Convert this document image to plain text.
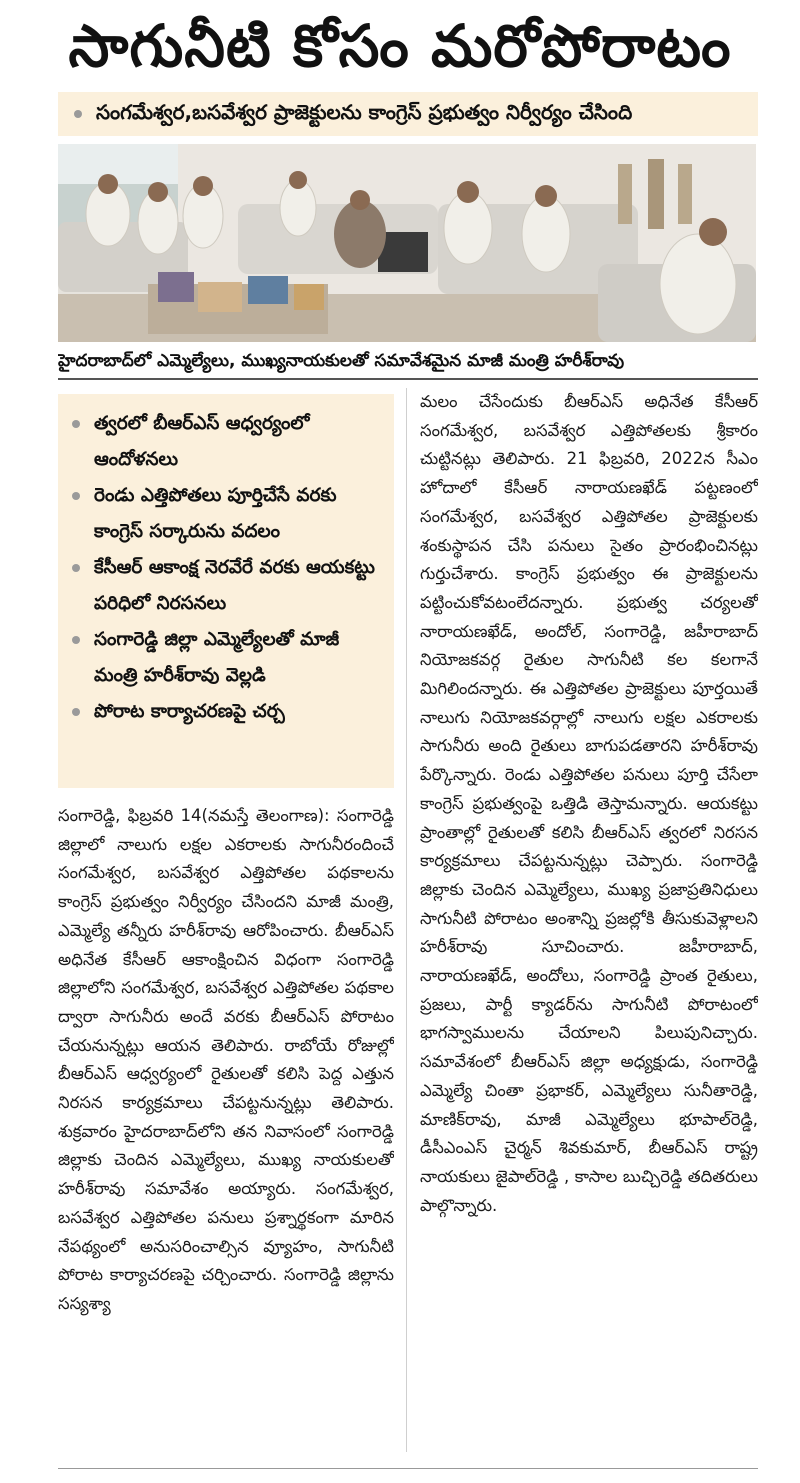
సాగునీటి కోసం మరోపోరాటం
సంగమేశ్వర,బసవేశ్వర ప్రాజెక్టులను కాంగ్రెస్ ప్రభుత్వం నిర్వీర్యం చేసింది
హైదరాబాద్‌లో ఎమ్మెల్యేలు, ముఖ్యనాయకులతో సమావేశమైన మాజీ మంత్రి హరీశ్‌రావు
త్వరలో బీఆర్‌ఎస్ ఆధ్వర్యంలో ఆందోళనలు
రెండు ఎత్తిపోతలు పూర్తిచేసే వరకు కాంగ్రెస్ సర్కారును వదలం
కేసీఆర్ ఆకాంక్ష నెరవేరే వరకు ఆయకట్టు పరిధిలో నిరసనలు
సంగారెడ్డి జిల్లా ఎమ్మెల్యేలతో మాజీ మంత్రి హరీశ్‌రావు వెల్లడి
పోరాట కార్యాచరణపై చర్చ

సంగారెడ్డి, ఫిబ్రవరి 14(నమస్తే తెలంగాణ): సంగారెడ్డి జిల్లాలో నాలుగు లక్షల ఎకరాలకు సాగునీరందించే సంగమేశ్వర, బసవేశ్వర ఎత్తిపోతల పథకాలను కాంగ్రెస్ ప్రభుత్వం నిర్వీర్యం చేసిందని మాజీ మంత్రి, ఎమ్మెల్యే తన్నీరు హరీశ్‌రావు ఆరోపించారు. బీఆర్‌ఎస్ అధినేత కేసీఆర్ ఆకాంక్షించిన విధంగా సంగారెడ్డి జిల్లాలోని సంగమేశ్వర, బసవేశ్వర ఎత్తిపోతల పథకాల ద్వారా సాగునీరు అందే వరకు బీఆర్‌ఎస్ పోరాటం చేయనున్నట్లు ఆయన తెలిపారు. రాబోయే రోజుల్లో బీఆర్‌ఎస్ ఆధ్వర్యంలో రైతులతో కలిసి పెద్ద ఎత్తున నిరసన కార్యక్రమాలు చేపట్టనున్నట్లు తెలిపారు. శుక్రవారం హైదరాబాద్‌లోని తన నివాసంలో సంగారెడ్డి జిల్లాకు చెందిన ఎమ్మెల్యేలు, ముఖ్య నాయకులతో హరీశ్‌రావు సమావేశం అయ్యారు. సంగమేశ్వర, బసవేశ్వర ఎత్తిపోతల పనులు ప్రశ్నార్థకంగా మారిన నేపథ్యంలో అనుసరించాల్సిన వ్యూహం, సాగునీటి పోరాట కార్యాచరణపై చర్చించారు. సంగారెడ్డి జిల్లాను సస్యశ్యా

మలం చేసేందుకు బీఆర్‌ఎస్ అధినేత కేసీఆర్ సంగమేశ్వర, బసవేశ్వర ఎత్తిపోతలకు శ్రీకారం చుట్టినట్లు తెలిపారు. 21 ఫిబ్రవరి, 2022న సీఎం హోదాలో కేసీఆర్ నారాయణఖేడ్ పట్టణంలో సంగమేశ్వర, బసవేశ్వర ఎత్తిపోతల ప్రాజెక్టులకు శంకుస్థాపన చేసి పనులు సైతం ప్రారంభించినట్లు గుర్తుచేశారు. కాంగ్రెస్ ప్రభుత్వం ఈ ప్రాజెక్టులను పట్టించుకోవటంలేదన్నారు. ప్రభుత్వ చర్యలతో నారాయణఖేడ్, అందోల్, సంగారెడ్డి, జహీరాబాద్ నియోజకవర్గ రైతుల సాగునీటి కల కలగానే మిగిలిందన్నారు. ఈ ఎత్తిపోతల ప్రాజెక్టులు పూర్తయితే నాలుగు నియోజకవర్గాల్లో నాలుగు లక్షల ఎకరాలకు సాగునీరు అంది రైతులు బాగుపడతారని హరీశ్‌రావు పేర్కొన్నారు. రెండు ఎత్తిపోతల పనులు పూర్తి చేసేలా కాంగ్రెస్ ప్రభుత్వంపై ఒత్తిడి తెస్తామన్నారు. ఆయకట్టు ప్రాంతాల్లో రైతులతో కలిసి బీఆర్‌ఎస్ త్వరలో నిరసన కార్యక్రమాలు చేపట్టనున్నట్లు చెప్పారు. సంగారెడ్డి జిల్లాకు చెందిన ఎమ్మెల్యేలు, ముఖ్య ప్రజాప్రతినిధులు సాగునీటి పోరాటం అంశాన్ని ప్రజల్లోకి తీసుకువెళ్లాలని హరీశ్‌రావు సూచించారు. జహీరాబాద్, నారాయణఖేడ్, అందోలు, సంగారెడ్డి ప్రాంత రైతులు, ప్రజలు, పార్టీ క్యాడర్‌ను సాగునీటి పోరాటంలో భాగస్వాములను చేయాలని పిలుపునిచ్చారు. సమావేశంలో బీఆర్‌ఎస్ జిల్లా అధ్యక్షుడు, సంగారెడ్డి ఎమ్మెల్యే చింతా ప్రభాకర్, ఎమ్మెల్యేలు సునీతారెడ్డి, మాణిక్‌రావు, మాజీ ఎమ్మెల్యేలు భూపాల్‌రెడ్డి, డీసీఎంఎస్ చైర్మన్ శివకుమార్, బీఆర్‌ఎస్ రాష్ట్ర నాయకులు జైపాల్‌రెడ్డి , కాసాల బుచ్చిరెడ్డి తదితరులు పాల్గొన్నారు.
